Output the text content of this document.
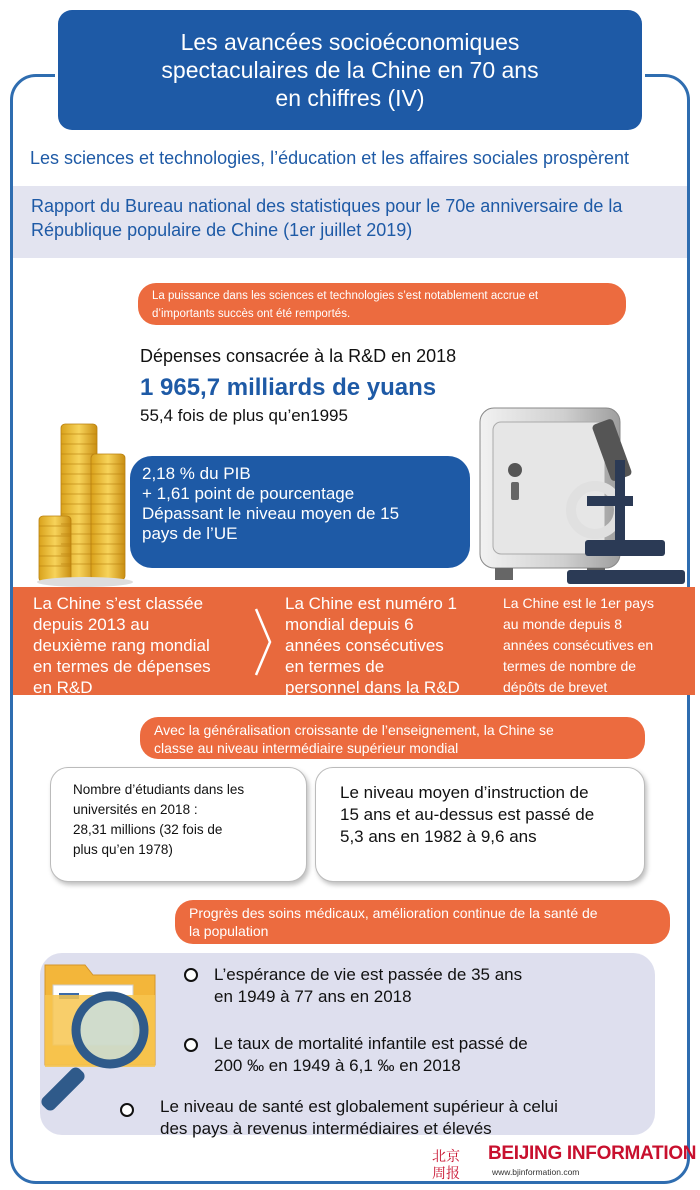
Les avancées socioéconomiques
spectaculaires de la Chine en 70 ans
en chiffres (IV)
Les sciences et technologies, l’éducation et les affaires sociales prospèrent
Rapport du Bureau national des statistiques pour le 70e anniversaire de la
République populaire de Chine (1er juillet 2019)
La puissance dans les sciences et technologies s’est notablement accrue et
d’importants succès ont été remportés.
Dépenses consacrée à la R&D en 2018
1 965,7 milliards de yuans
55,4 fois de plus qu’en1995
2,18 % du PIB
+ 1,61 point de pourcentage
Dépassant le niveau moyen de 15
pays de l’UE
La Chine s’est classée
depuis 2013 au
deuxième rang mondial
en termes de dépenses
en R&D
La Chine est numéro 1
mondial depuis 6
années consécutives
en termes de
personnel dans la R&D
La Chine est le 1er pays
au monde depuis 8
années consécutives en
termes de nombre de
dépôts de brevet
Avec la généralisation croissante de l’enseignement, la Chine se
classe au niveau intermédiaire supérieur mondial
Nombre d’étudiants dans les
universités en 2018 :
28,31 millions (32 fois de
plus qu’en 1978)
Le niveau moyen d’instruction de
15 ans et au-dessus est passé de
5,3 ans en 1982 à 9,6 ans
Progrès des soins médicaux, amélioration continue de la santé de
la population
L’espérance de vie est passée de 35 ans
en 1949 à 77 ans en 2018
Le taux de mortalité infantile est passé de
200 ‰ en 1949 à 6,1 ‰ en 2018
Le niveau de santé est globalement supérieur à celui
des pays à revenus intermédiaires et élevés
北京
周报
BEIJING INFORMATION
www.bjinformation.com
